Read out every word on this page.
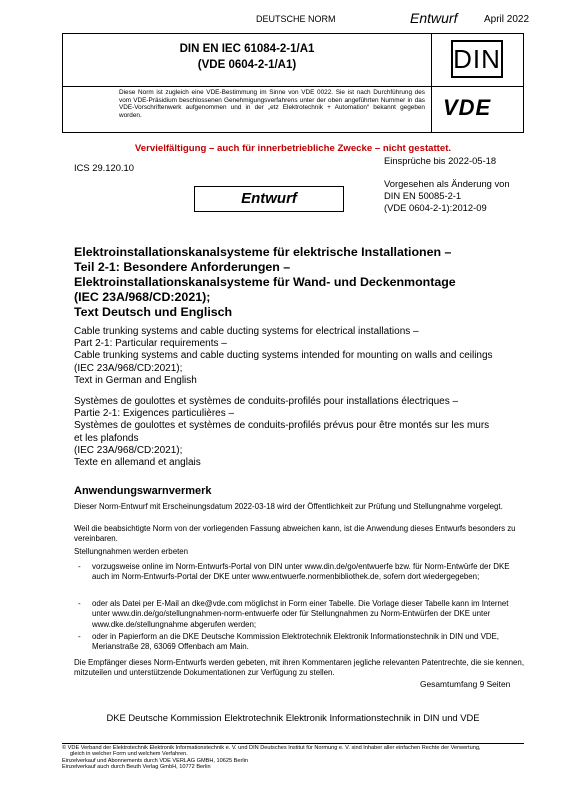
DEUTSCHE NORM	Entwurf	April 2022
DIN EN IEC 61084-2-1/A1
(VDE 0604-2-1/A1)	DIN
VDE
Diese Norm ist zugleich eine VDE-Bestimmung im Sinne von VDE 0022. Sie ist nach Durchführung des vom VDE-Präsidium beschlossenen Genehmigungsverfahrens unter der oben angeführten Nummer in das VDE-Vorschriftenwerk aufgenommen und in der „etz Elektrotechnik + Automation“ bekannt gegeben worden.
Vervielfältigung – auch für innerbetriebliche Zwecke – nicht gestattet.
ICS 29.120.10
Einsprüche bis 2022-05-18
Vorgesehen als Änderung von
DIN EN 50085-2-1
(VDE 0604-2-1):2012-09
Entwurf
Elektroinstallationskanalsysteme für elektrische Installationen –
Teil 2-1: Besondere Anforderungen –
Elektroinstallationskanalsysteme für Wand- und Deckenmontage
(IEC 23A/968/CD:2021);
Text Deutsch und Englisch
Cable trunking systems and cable ducting systems for electrical installations –
Part 2-1: Particular requirements –
Cable trunking systems and cable ducting systems intended for mounting on walls and ceilings
(IEC 23A/968/CD:2021);
Text in German and English
Systèmes de goulottes et systèmes de conduits-profilés pour installations électriques –
Partie 2-1: Exigences particulières –
Systèmes de goulottes et systèmes de conduits-profilés prévus pour être montés sur les murs
et les plafonds
(IEC 23A/968/CD:2021);
Texte en allemand et anglais
Anwendungswarnvermerk
Dieser Norm-Entwurf mit Erscheinungsdatum 2022-03-18 wird der Öffentlichkeit zur Prüfung und Stellungnahme vorgelegt.
Weil die beabsichtigte Norm von der vorliegenden Fassung abweichen kann, ist die Anwendung dieses Entwurfs besonders zu vereinbaren.
Stellungnahmen werden erbeten
- vorzugsweise online im Norm-Entwurfs-Portal von DIN unter www.din.de/go/entwuerfe bzw. für Norm-Entwürfe der DKE auch im Norm-Entwurfs-Portal der DKE unter www.entwuerfe.normenbibliothek.de, sofern dort wiedergegeben;
- oder als Datei per E-Mail an dke@vde.com möglichst in Form einer Tabelle. Die Vorlage dieser Tabelle kann im Internet unter www.din.de/go/stellungnahmen-norm-entwuerfe oder für Stellungnahmen zu Norm-Entwürfen der DKE unter www.dke.de/stellungnahme abgerufen werden;
- oder in Papierform an die DKE Deutsche Kommission Elektrotechnik Elektronik Informationstechnik in DIN und VDE, Merianstraße 28, 63069 Offenbach am Main.
Die Empfänger dieses Norm-Entwurfs werden gebeten, mit ihren Kommentaren jegliche relevanten Patentrechte, die sie kennen, mitzuteilen und unterstützende Dokumentationen zur Verfügung zu stellen.
Gesamtumfang 9 Seiten
DKE Deutsche Kommission Elektrotechnik Elektronik Informationstechnik in DIN und VDE
© VDE Verband der Elektrotechnik Elektronik Informationstechnik e. V. und DIN Deutsches Institut für Normung e. V. sind Inhaber aller einfachen Rechte der Verwertung,
gleich in welcher Form und welchem Verfahren.
Einzelverkauf und Abonnements durch VDE VERLAG GMBH, 10625 Berlin
Einzelverkauf auch durch Beuth Verlag GmbH, 10772 Berlin
